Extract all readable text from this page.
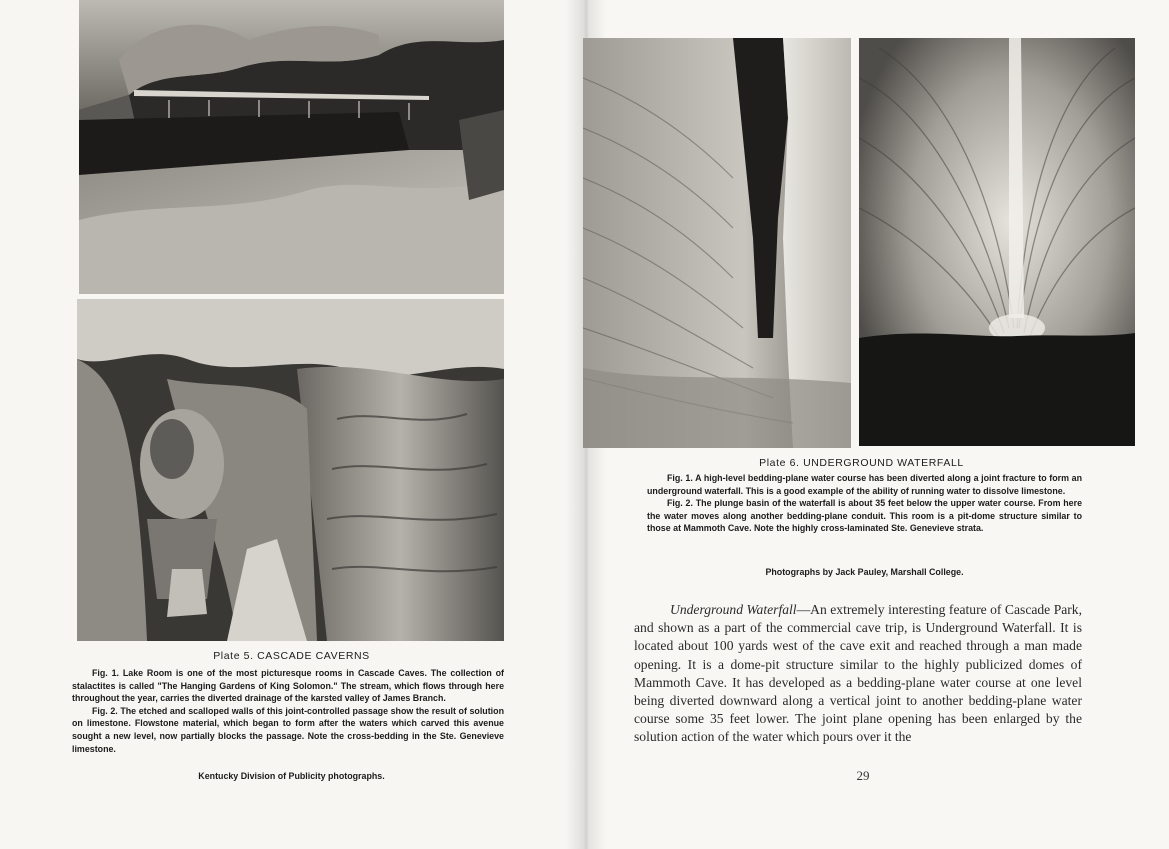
Plate 5. CASCADE CAVERNS

Fig. 1. Lake Room is one of the most picturesque rooms in Cascade Caves. The collection of stalactites is called "The Hanging Gardens of King Solomon." The stream, which flows through here throughout the year, carries the diverted drainage of the karsted valley of James Branch.

Fig. 2. The etched and scalloped walls of this joint-controlled passage show the result of solution on limestone. Flowstone material, which began to form after the waters which carved this avenue sought a new level, now partially blocks the passage. Note the cross-bedding in the Ste. Genevieve limestone.

Kentucky Division of Publicity photographs.
Plate 6. UNDERGROUND WATERFALL

Fig. 1. A high-level bedding-plane water course has been diverted along a joint fracture to form an underground waterfall. This is a good example of the ability of running water to dissolve limestone.

Fig. 2. The plunge basin of the waterfall is about 35 feet below the upper water course. From here the water moves along another bedding-plane conduit. This room is a pit-dome structure similar to those at Mammoth Cave. Note the highly cross-laminated Ste. Genevieve strata.

Photographs by Jack Pauley, Marshall College.

Underground Waterfall—An extremely interesting feature of Cascade Park, and shown as a part of the commercial cave trip, is Underground Waterfall. It is located about 100 yards west of the cave exit and reached through a man made opening. It is a dome-pit structure similar to the highly publicized domes of Mammoth Cave. It has developed as a bedding-plane water course at one level being diverted downward along a vertical joint to another bedding-plane water course some 35 feet lower. The joint plane opening has been enlarged by the solution action of the water which pours over it the

29
